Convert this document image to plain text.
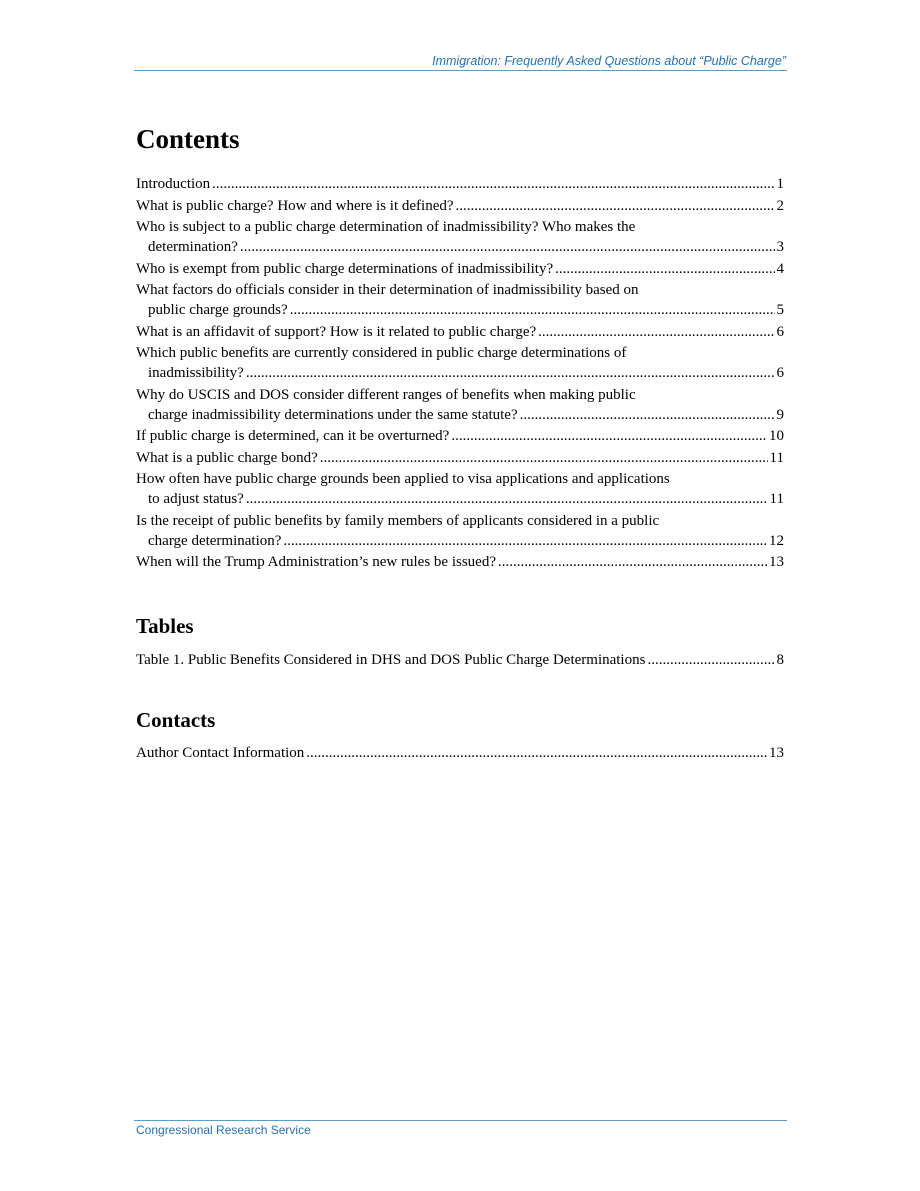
Immigration: Frequently Asked Questions about “Public Charge”
Contents
Introduction .....	1
What is public charge? How and where is it defined? .....	2
Who is subject to a public charge determination of inadmissibility? Who makes the
determination? .....	3
Who is exempt from public charge determinations of inadmissibility? .....	4
What factors do officials consider in their determination of inadmissibility based on
public charge grounds? .....	5
What is an affidavit of support? How is it related to public charge? .....	6
Which public benefits are currently considered in public charge determinations of
inadmissibility? .....	6
Why do USCIS and DOS consider different ranges of benefits when making public
charge inadmissibility determinations under the same statute? .....	9
If public charge is determined, can it be overturned? .....	10
What is a public charge bond? .....	11
How often have public charge grounds been applied to visa applications and applications
to adjust status? .....	11
Is the receipt of public benefits by family members of applicants considered in a public
charge determination? .....	12
When will the Trump Administration’s new rules be issued? .....	13
Tables
Table 1. Public Benefits Considered in DHS and DOS Public Charge Determinations .....	8
Contacts
Author Contact Information .....	13
Congressional Research Service
